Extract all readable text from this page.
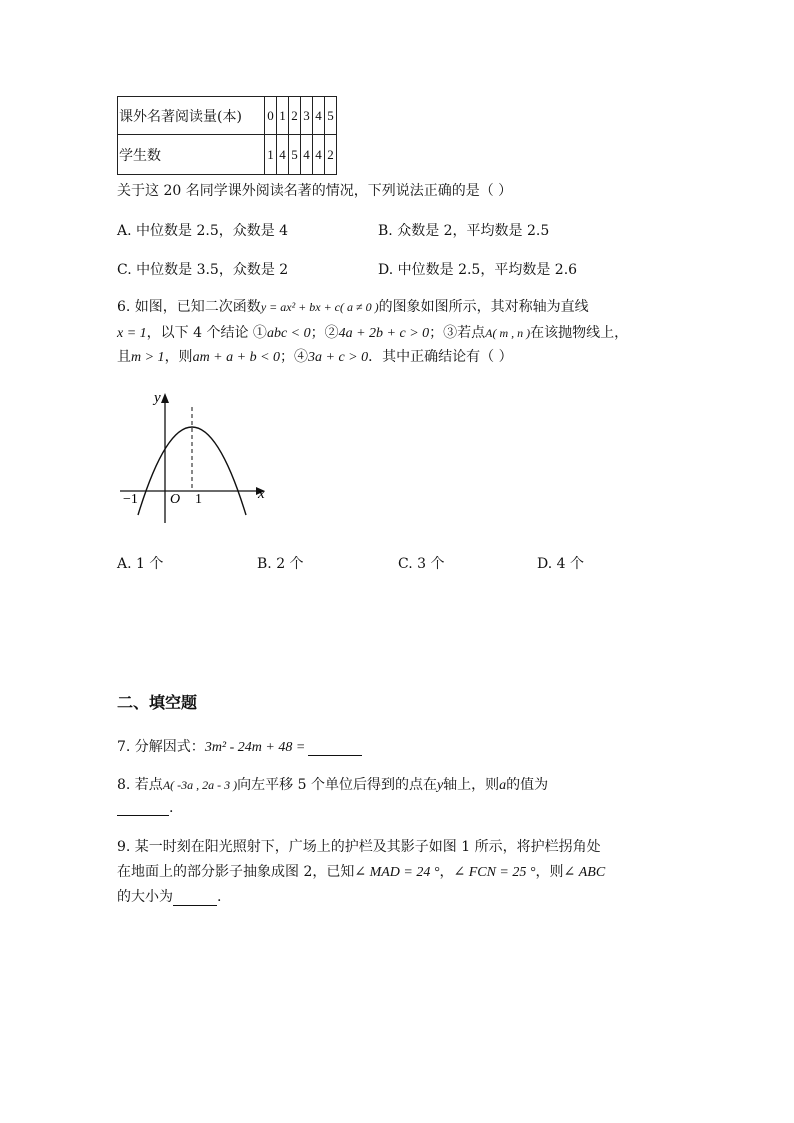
课外名著阅读量(本)	0	1	2	3	4	5
学生数	1	4	5	4	4	2
关于这 20 名同学课外阅读名著的情况，下列说法正确的是（ ）
A. 中位数是 2.5，众数是 4	B. 众数是 2，平均数是 2.5
C. 中位数是 3.5，众数是 2	D. 中位数是 2.5，平均数是 2.6
6. 如图，已知二次函数y = ax² + bx + c( a ≠ 0 )的图象如图所示，其对称轴为直线
x = 1，以下 4 个结论 ①abc < 0；②4a + 2b + c > 0；③若点A( m , n )在该抛物线上，
且m > 1，则am + a + b < 0；④3a + c > 0．其中正确结论有（ ）
y
x
O
−1	1
A. 1 个	B. 2 个	C. 3 个	D. 4 个
二、填空题
7. 分解因式：3m² - 24m + 48 =
8. 若点A( -3a , 2a - 3 )向左平移 5 个单位后得到的点在y轴上，则a的值为
.
9. 某一时刻在阳光照射下，广场上的护栏及其影子如图 1 所示，将护栏拐角处
在地面上的部分影子抽象成图 2，已知∠ MAD = 24 °，∠ FCN = 25 °，则∠ ABC
的大小为	.
